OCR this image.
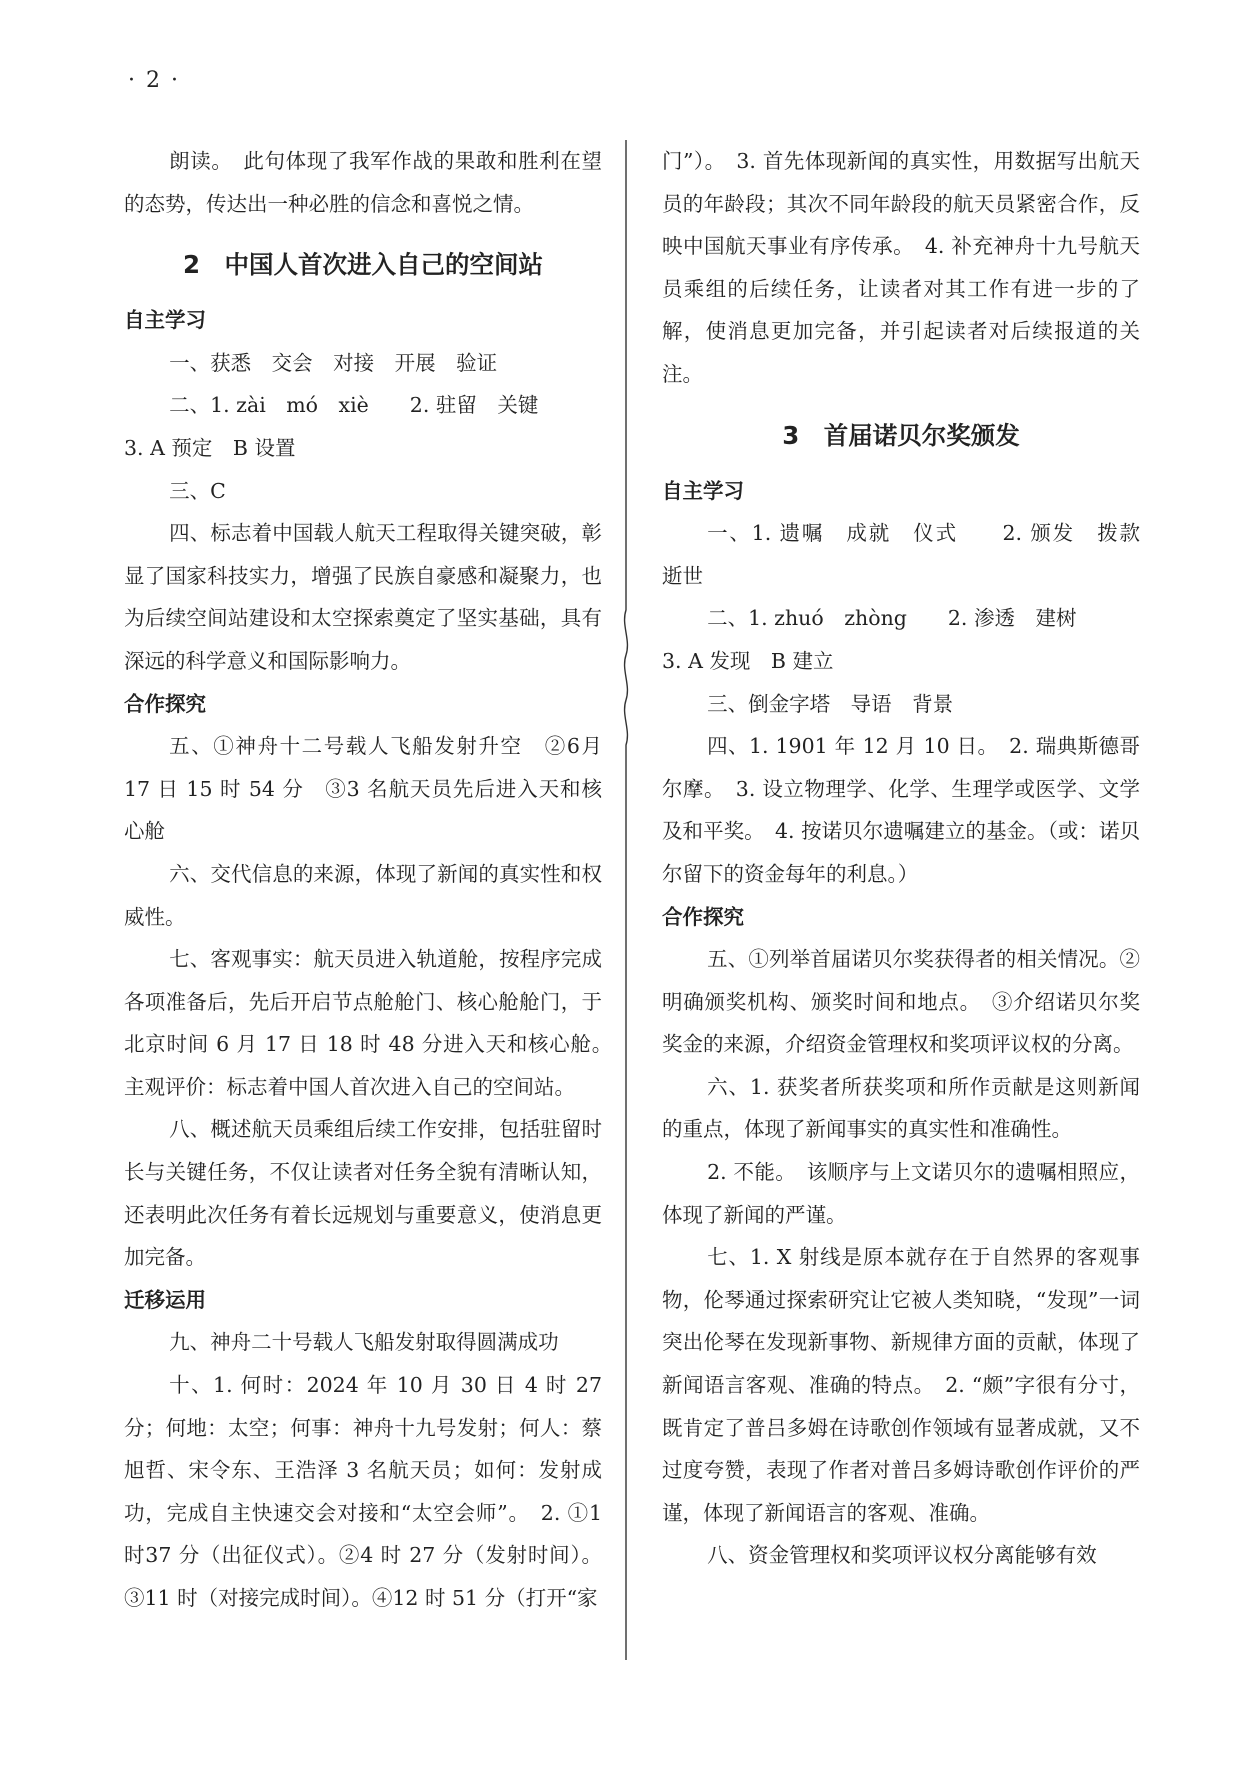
· 2 ·

朗读。　此句体现了我军作战的果敢和胜利在望的态势，传达出一种必胜的信念和喜悦之情。

2　中国人首次进入自己的空间站
自主学习

一、获悉　交会　对接　开展　验证

二、1. zài　mó　xiè　　2. 驻留　关键

3. A 预定　B 设置

三、C

四、标志着中国载人航天工程取得关键突破，彰显了国家科技实力，增强了民族自豪感和凝聚力，也为后续空间站建设和太空探索奠定了坚实基础，具有深远的科学意义和国际影响力。

合作探究

五、①神舟十二号载人飞船发射升空　②6月 17 日 15 时 54 分　③3 名航天员先后进入天和核心舱

六、交代信息的来源，体现了新闻的真实性和权威性。

七、客观事实：航天员进入轨道舱，按程序完成各项准备后，先后开启节点舱舱门、核心舱舱门，于北京时间 6 月 17 日 18 时 48 分进入天和核心舱。　主观评价：标志着中国人首次进入自己的空间站。

八、概述航天员乘组后续工作安排，包括驻留时长与关键任务，不仅让读者对任务全貌有清晰认知，还表明此次任务有着长远规划与重要意义，使消息更加完备。

迁移运用

九、神舟二十号载人飞船发射取得圆满成功

十、1. 何时：2024 年 10 月 30 日 4 时 27 分；何地：太空；何事：神舟十九号发射；何人：蔡旭哲、宋令东、王浩泽 3 名航天员；如何：发射成功，完成自主快速交会对接和“太空会师”。　2. ①1 时37 分（出征仪式）。②4 时 27 分（发射时间）。③11 时（对接完成时间）。④12 时 51 分（打开“家

门”）。　3. 首先体现新闻的真实性，用数据写出航天员的年龄段；其次不同年龄段的航天员紧密合作，反映中国航天事业有序传承。　4. 补充神舟十九号航天员乘组的后续任务，让读者对其工作有进一步的了解，使消息更加完备，并引起读者对后续报道的关注。

3　首届诺贝尔奖颁发
自主学习

一、1. 遗嘱　成就　仪式　　2. 颁发　拨款　逝世

二、1. zhuó　zhòng　　2. 渗透　建树

3. A 发现　B 建立

三、倒金字塔　导语　背景

四、1. 1901 年 12 月 10 日。　2. 瑞典斯德哥尔摩。　3. 设立物理学、化学、生理学或医学、文学及和平奖。　4. 按诺贝尔遗嘱建立的基金。（或：诺贝尔留下的资金每年的利息。）

合作探究

五、①列举首届诺贝尔奖获得者的相关情况。②明确颁奖机构、颁奖时间和地点。　③介绍诺贝尔奖奖金的来源，介绍资金管理权和奖项评议权的分离。

六、1. 获奖者所获奖项和所作贡献是这则新闻的重点，体现了新闻事实的真实性和准确性。

2. 不能。　该顺序与上文诺贝尔的遗嘱相照应，体现了新闻的严谨。

七、1. X 射线是原本就存在于自然界的客观事物，伦琴通过探索研究让它被人类知晓，“发现”一词突出伦琴在发现新事物、新规律方面的贡献，体现了新闻语言客观、准确的特点。　2. “颇”字很有分寸，既肯定了普吕多姆在诗歌创作领域有显著成就，又不过度夸赞，表现了作者对普吕多姆诗歌创作评价的严谨，体现了新闻语言的客观、准确。

八、资金管理权和奖项评议权分离能够有效
